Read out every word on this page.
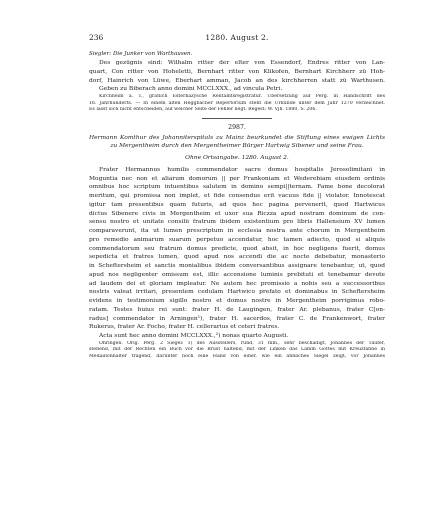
236	1280. August 2.
Siegler: Die Junker von Warthausen.
Des gezügnis sind: Wilhalm ritter der elter von Essendorf, Endres ritter von Lan-
quart, Con ritter von Hoheletti, Bernhart ritter von Klikofen, Bernhart Kirchherr zü Hoh-
dorf, Hainrich von Lüwe, Eberhart amman, Jacob an des kirchherren statt zü Warthusen.
Geben zu Biberach anno domini MCCLXXX., ad vincula Petri.
Kirchheim a. T., gräflich Esterhazysche Rentamtsregistratur. Übersetzung auf Perg. in Handschrift des
16. Jahrhunderts. — In einem alten Heggbacher Repertorium steht die Urkunde unter dem Jahr 1270 verzeichnet.
Es lässt sich nicht entscheiden, auf welcher Seite der Fehler liegt. Regest: W. Vjh. 1880, S. 206.
2987.
Hermann Komthur des Johanniterspitals zu Mainz beurkundet die Stiftung eines ewigen Lichts
zu Mergentheim durch den Mergentheimer Bürger Hartwig Sibener und seine Frau.
Ohne Ortsangabe. 1280. August 2.
Frater Hermannus humilis commendator sacre domus hospitalis Jerosolimitani in
Moguntia nec non et aliarum domorum || per Frankoniam et Wederebiam eiusdem ordinis
omnibus hoc scriptum intuentibus salutem in domino sempi||ternam. Fame bone decolorat
meritum, qui promissa non implet, et fide consendus erit vacuus fide || violator. Innotescat
igitur tam presentibus quam futuris, ad quos hec pagina pervenerit, quod Hartwicus
dictus Sibenere civis in Mergentheim et uxor sua Riczza apud nostram dominum de con-
sensu nostro et unitate consilii fratrum ibidem existentium pro libris Hallensium XV lumen
comparaverunt, ita ut lumen prescriptum in ecclesia nostra ante chorum in Mergentheim
pro remedio animarum suarum perpetuo accendatur, hoc tamen adiecto, quod si aliquis
commendatorum seu fratrum domus predicte, quod absit, in hoc negligens fuerit, domus
sepedicta et fratres lumen, quod apud nos accendi die ac nocte debebatur, monasterio
in Scheftersheim et sanctis monialibus ibidem conversantibus assignare tenebantur, ut, quod
apud nos negligenter omissum est, illic accensione luminis prebituti et tenebamur devote
ad laudem dei et gloriam impleatur. Ne autem hec promissio a nobis seu a successoribus
nostris valeat irritari, presentem cedulam Hartwico prefato et dominabus in Scheftersheim
evidens in testimonium sigillo nostro et domus nostre in Mergentheim porrigimus robo-
ratam. Testes huius rei sunt: frater H. de Laugingen, frater Ar. plebanus, frater C[on-
radus] commendator in Arningen¹), frater H. sacerdos, frater C. de Frankenwort, frater
Rukerus, frater Ar. Focho, frater H. cellerarius et ceteri fratres.
Acta sunt hec anno domini MCCLXXX.,²) nonas quarto Augusti.
Öhringen. Orig. Perg. 2 Siegel: 1) des Ausstellers, rund, 31 mm., sehr beschädigt, Johannes der Täufer,
stehend, mit der Rechten ein Buch vor die Brust haltend, mit der Linken das Lamm Gottes mit Kreuzfahne in
Medaillonhalter tragend, darunter noch eine Hand von einer, wie ein ähnliches Siegel zeigt, vor Johannes
